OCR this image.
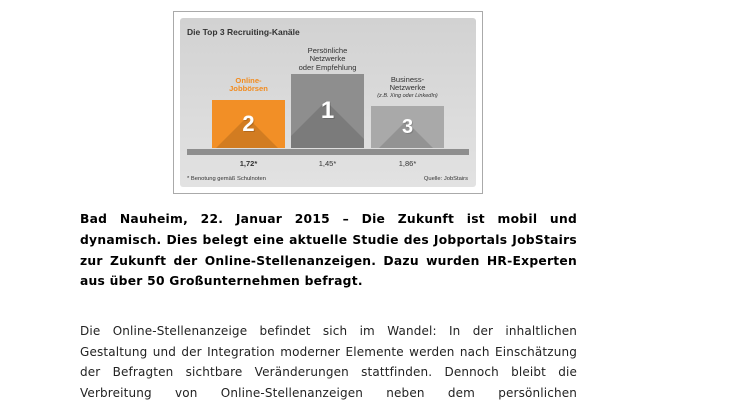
Die Top 3 Recruiting-Kanäle
Persönliche Netzwerke
oder Empfehlung
Online-
Jobbörsen
Business-
Netzwerke
(z.B. Xing oder LinkedIn)
2	1
3
1,72*	1,45*	1,86*
* Benotung gemäß Schulnoten	Quelle: JobStairs

Bad Nauheim, 22. Januar 2015 – Die Zukunft ist mobil und dynamisch. Dies belegt eine aktuelle Studie des Jobportals JobStairs zur Zukunft der Online-Stellenanzeigen. Dazu wurden HR-Experten aus über 50 Großunternehmen befragt.

Die Online-Stellenanzeige befindet sich im Wandel: In der inhaltlichen Gestaltung und der Integration moderner Elemente werden nach Einschätzung der Befragten sichtbare Veränderungen stattfinden. Dennoch bleibt die Verbreitung von Online-Stellenanzeigen neben dem persönlichen
